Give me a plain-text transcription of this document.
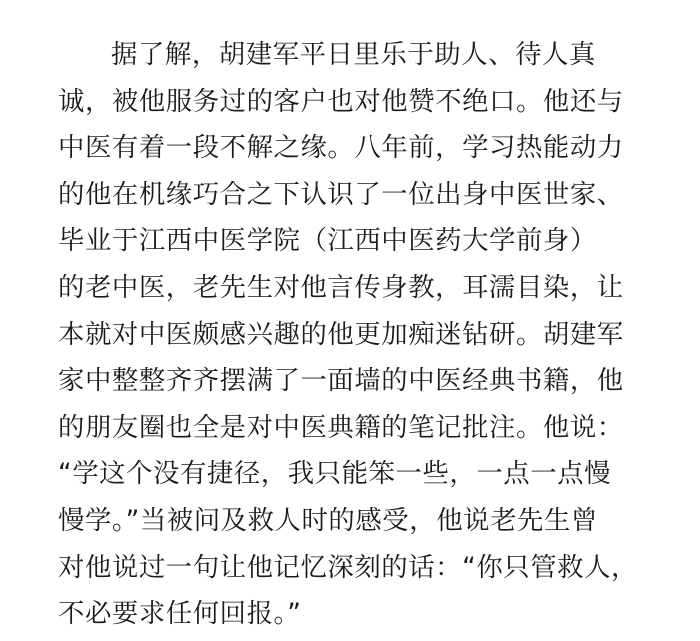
据了解，胡建军平日里乐于助人、待人真
诚，被他服务过的客户也对他赞不绝口。他还与
中医有着一段不解之缘。八年前，学习热能动力
的他在机缘巧合之下认识了一位出身中医世家、
毕业于江西中医学院（江西中医药大学前身）
的老中医，老先生对他言传身教，耳濡目染，让
本就对中医颇感兴趣的他更加痴迷钻研。胡建军
家中整整齐齐摆满了一面墙的中医经典书籍，他
的朋友圈也全是对中医典籍的笔记批注。他说：
“学这个没有捷径，我只能笨一些，一点一点慢
慢学。”当被问及救人时的感受，他说老先生曾
对他说过一句让他记忆深刻的话：“你只管救人，
不必要求任何回报。”
